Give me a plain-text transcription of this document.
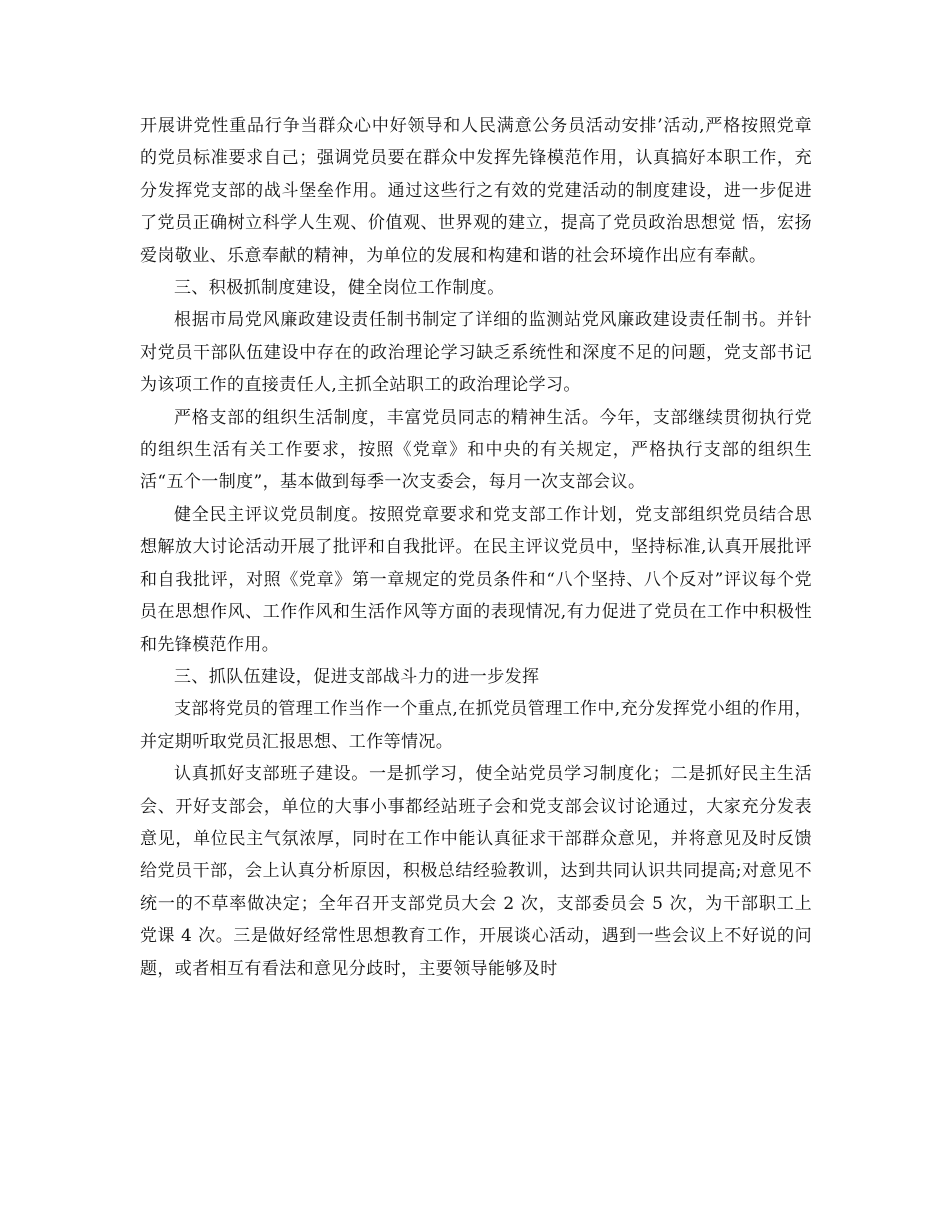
开展讲党性重品行争当群众心中好领导和人民满意公务员活动安排’活动,严格按照党章的党员标准要求自己；强调党员要在群众中发挥先锋模范作用，认真搞好本职工作，充分发挥党支部的战斗堡垒作用。通过这些行之有效的党建活动的制度建设，进一步促进了党员正确树立科学人生观、价值观、世界观的建立，提高了党员政治思想觉 悟，宏扬爱岗敬业、乐意奉献的精神，为单位的发展和构建和谐的社会环境作出应有奉献。

三、积极抓制度建设，健全岗位工作制度。

根据市局党风廉政建设责任制书制定了详细的监测站党风廉政建设责任制书。并针对党员干部队伍建设中存在的政治理论学习缺乏系统性和深度不足的问题，党支部书记为该项工作的直接责任人,主抓全站职工的政治理论学习。

严格支部的组织生活制度，丰富党员同志的精神生活。今年，支部继续贯彻执行党的组织生活有关工作要求，按照《党章》和中央的有关规定，严格执行支部的组织生活“五个一制度”，基本做到每季一次支委会，每月一次支部会议。

健全民主评议党员制度。按照党章要求和党支部工作计划，党支部组织党员结合思想解放大讨论活动开展了批评和自我批评。在民主评议党员中，坚持标准,认真开展批评和自我批评，对照《党章》第一章规定的党员条件和“八个坚持、八个反对”评议每个党员在思想作风、工作作风和生活作风等方面的表现情况,有力促进了党员在工作中积极性和先锋模范作用。

三、抓队伍建设，促进支部战斗力的进一步发挥

支部将党员的管理工作当作一个重点,在抓党员管理工作中,充分发挥党小组的作用，并定期听取党员汇报思想、工作等情况。

认真抓好支部班子建设。一是抓学习，使全站党员学习制度化；二是抓好民主生活会、开好支部会，单位的大事小事都经站班子会和党支部会议讨论通过，大家充分发表意见，单位民主气氛浓厚，同时在工作中能认真征求干部群众意见，并将意见及时反馈给党员干部，会上认真分析原因，积极总结经验教训，达到共同认识共同提高;对意见不统一的不草率做决定；全年召开支部党员大会 2 次，支部委员会 5 次，为干部职工上党课 4 次。三是做好经常性思想教育工作，开展谈心活动，遇到一些会议上不好说的问题，或者相互有看法和意见分歧时，主要领导能够及时
